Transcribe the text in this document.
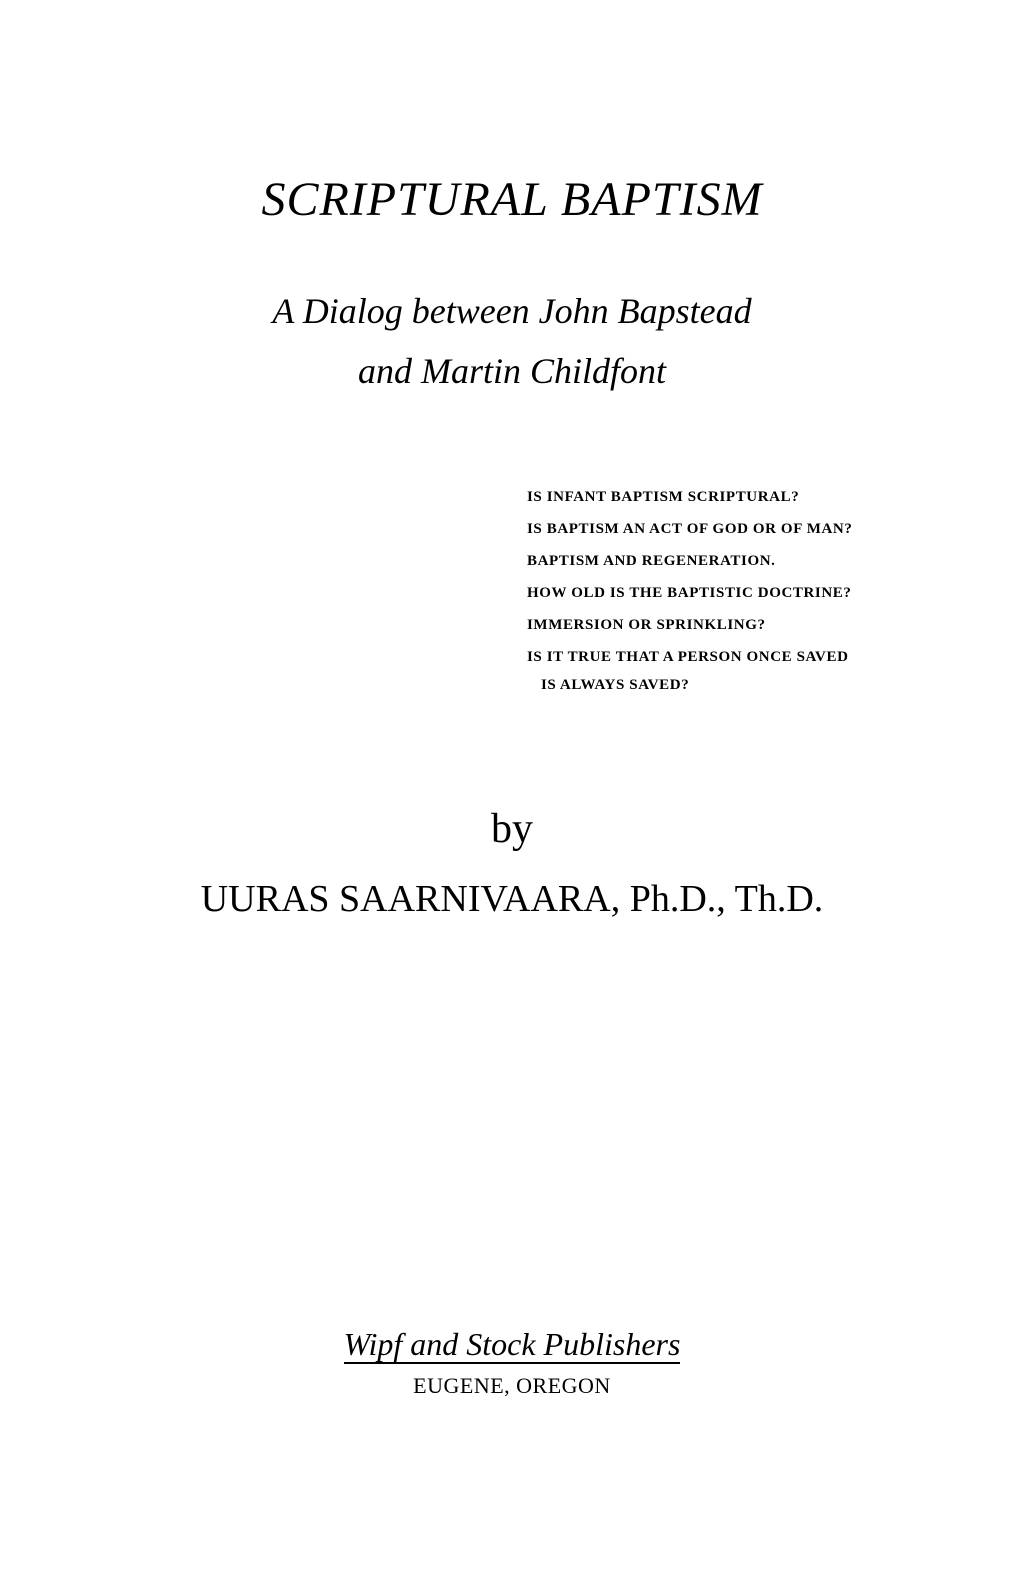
SCRIPTURAL BAPTISM
A Dialog between John Bapstead
and Martin Childfont
IS INFANT BAPTISM SCRIPTURAL?
IS BAPTISM AN ACT OF GOD OR OF MAN?
BAPTISM AND REGENERATION.
HOW OLD IS THE BAPTISTIC DOCTRINE?
IMMERSION OR SPRINKLING?
IS IT TRUE THAT A PERSON ONCE SAVED IS ALWAYS SAVED?
by
UURAS SAARNIVAARA, Ph.D., Th.D.
Wipf and Stock Publishers
EUGENE, OREGON
